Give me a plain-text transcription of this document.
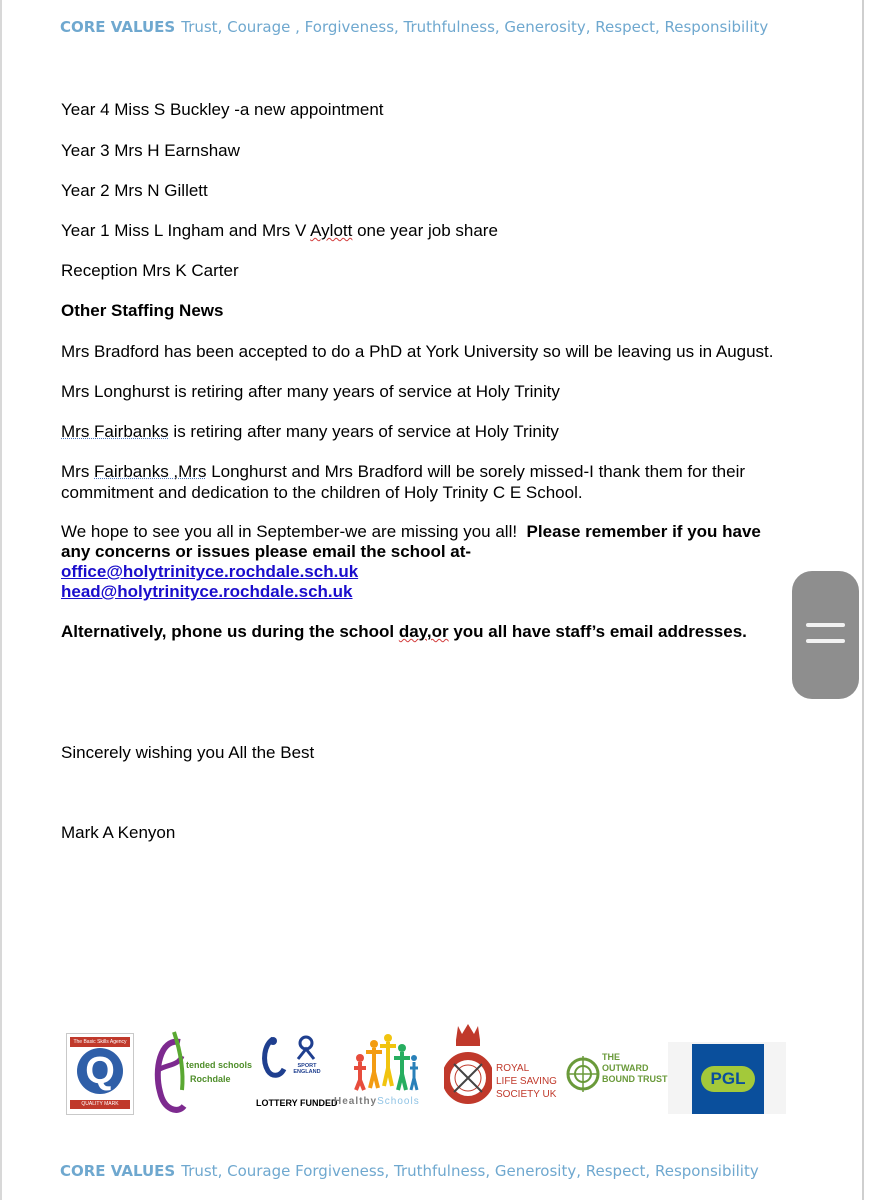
CORE VALUES Trust, Courage , Forgiveness, Truthfulness, Generosity, Respect, Responsibility
Year 4 Miss S Buckley -a new appointment
Year 3 Mrs H Earnshaw
Year 2 Mrs N Gillett
Year 1 Miss L Ingham and Mrs V Aylott one year job share
Reception Mrs K Carter
Other Staffing News
Mrs Bradford has been accepted to do a PhD at York University so will be leaving us in August.
Mrs Longhurst is retiring after many years of service at Holy Trinity
Mrs Fairbanks is retiring after many years of service at Holy Trinity
Mrs Fairbanks ,Mrs Longhurst and Mrs Bradford will be sorely missed-I thank them for their
commitment and dedication to the children of Holy Trinity C E School.
We hope to see you all in September-we are missing you all! Please remember if you have
any concerns or issues please email the school at-
office@holytrinityce.rochdale.sch.uk
head@holytrinityce.rochdale.sch.uk
Alternatively, phone us during the school day,or you all have staff’s email addresses.
Sincerely wishing you All the Best
Mark A Kenyon
The Basic Skills Agency
Q
QUALITY MARK
tended schools
Rochdale
SPORT ENGLAND
LOTTERY FUNDED
HealthySchools
ROYAL
LIFE SAVING
SOCIETY UK
THE
OUTWARD
BOUND TRUST	PGL
CORE VALUES Trust, Courage Forgiveness, Truthfulness, Generosity, Respect, Responsibility
